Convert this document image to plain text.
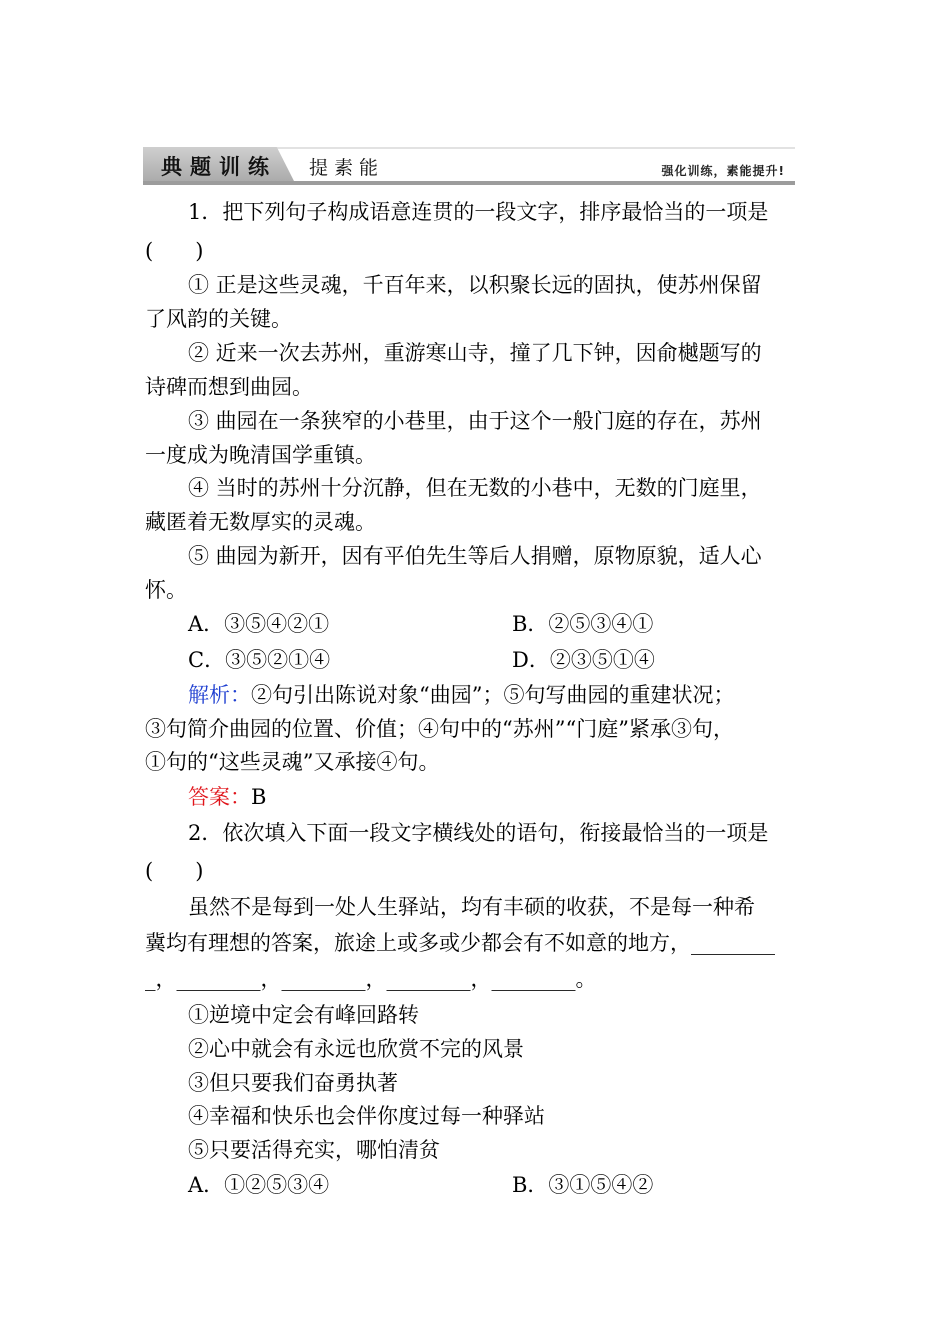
典题训练 提素能	强化训练，素能提升!
1．把下列句子构成语意连贯的一段文字，排序最恰当的一项是
(　　)
① 正是这些灵魂，千百年来，以积聚长远的固执，使苏州保留
了风韵的关键。
② 近来一次去苏州，重游寒山寺，撞了几下钟，因俞樾题写的
诗碑而想到曲园。
③ 曲园在一条狭窄的小巷里，由于这个一般门庭的存在，苏州
一度成为晚清国学重镇。
④ 当时的苏州十分沉静，但在无数的小巷中，无数的门庭里，
藏匿着无数厚实的灵魂。
⑤ 曲园为新开，因有平伯先生等后人捐赠，原物原貌，适人心
怀。
A．③⑤④②①	B．②⑤③④①
C．③⑤②①④	D．②③⑤①④
解析：②句引出陈说对象“曲园”；⑤句写曲园的重建状况；
③句简介曲园的位置、价值；④句中的“苏州”“门庭”紧承③句，
①句的“这些灵魂”又承接④句。
答案：B
2．依次填入下面一段文字横线处的语句，衔接最恰当的一项是
(　　)
虽然不是每到一处人生驿站，均有丰硕的收获，不是每一种希
冀均有理想的答案，旅途上或多或少都会有不如意的地方，________
_，________，________，________，________。
①逆境中定会有峰回路转
②心中就会有永远也欣赏不完的风景
③但只要我们奋勇执著
④幸福和快乐也会伴你度过每一种驿站
⑤只要活得充实，哪怕清贫
A．①②⑤③④	B．③①⑤④②
